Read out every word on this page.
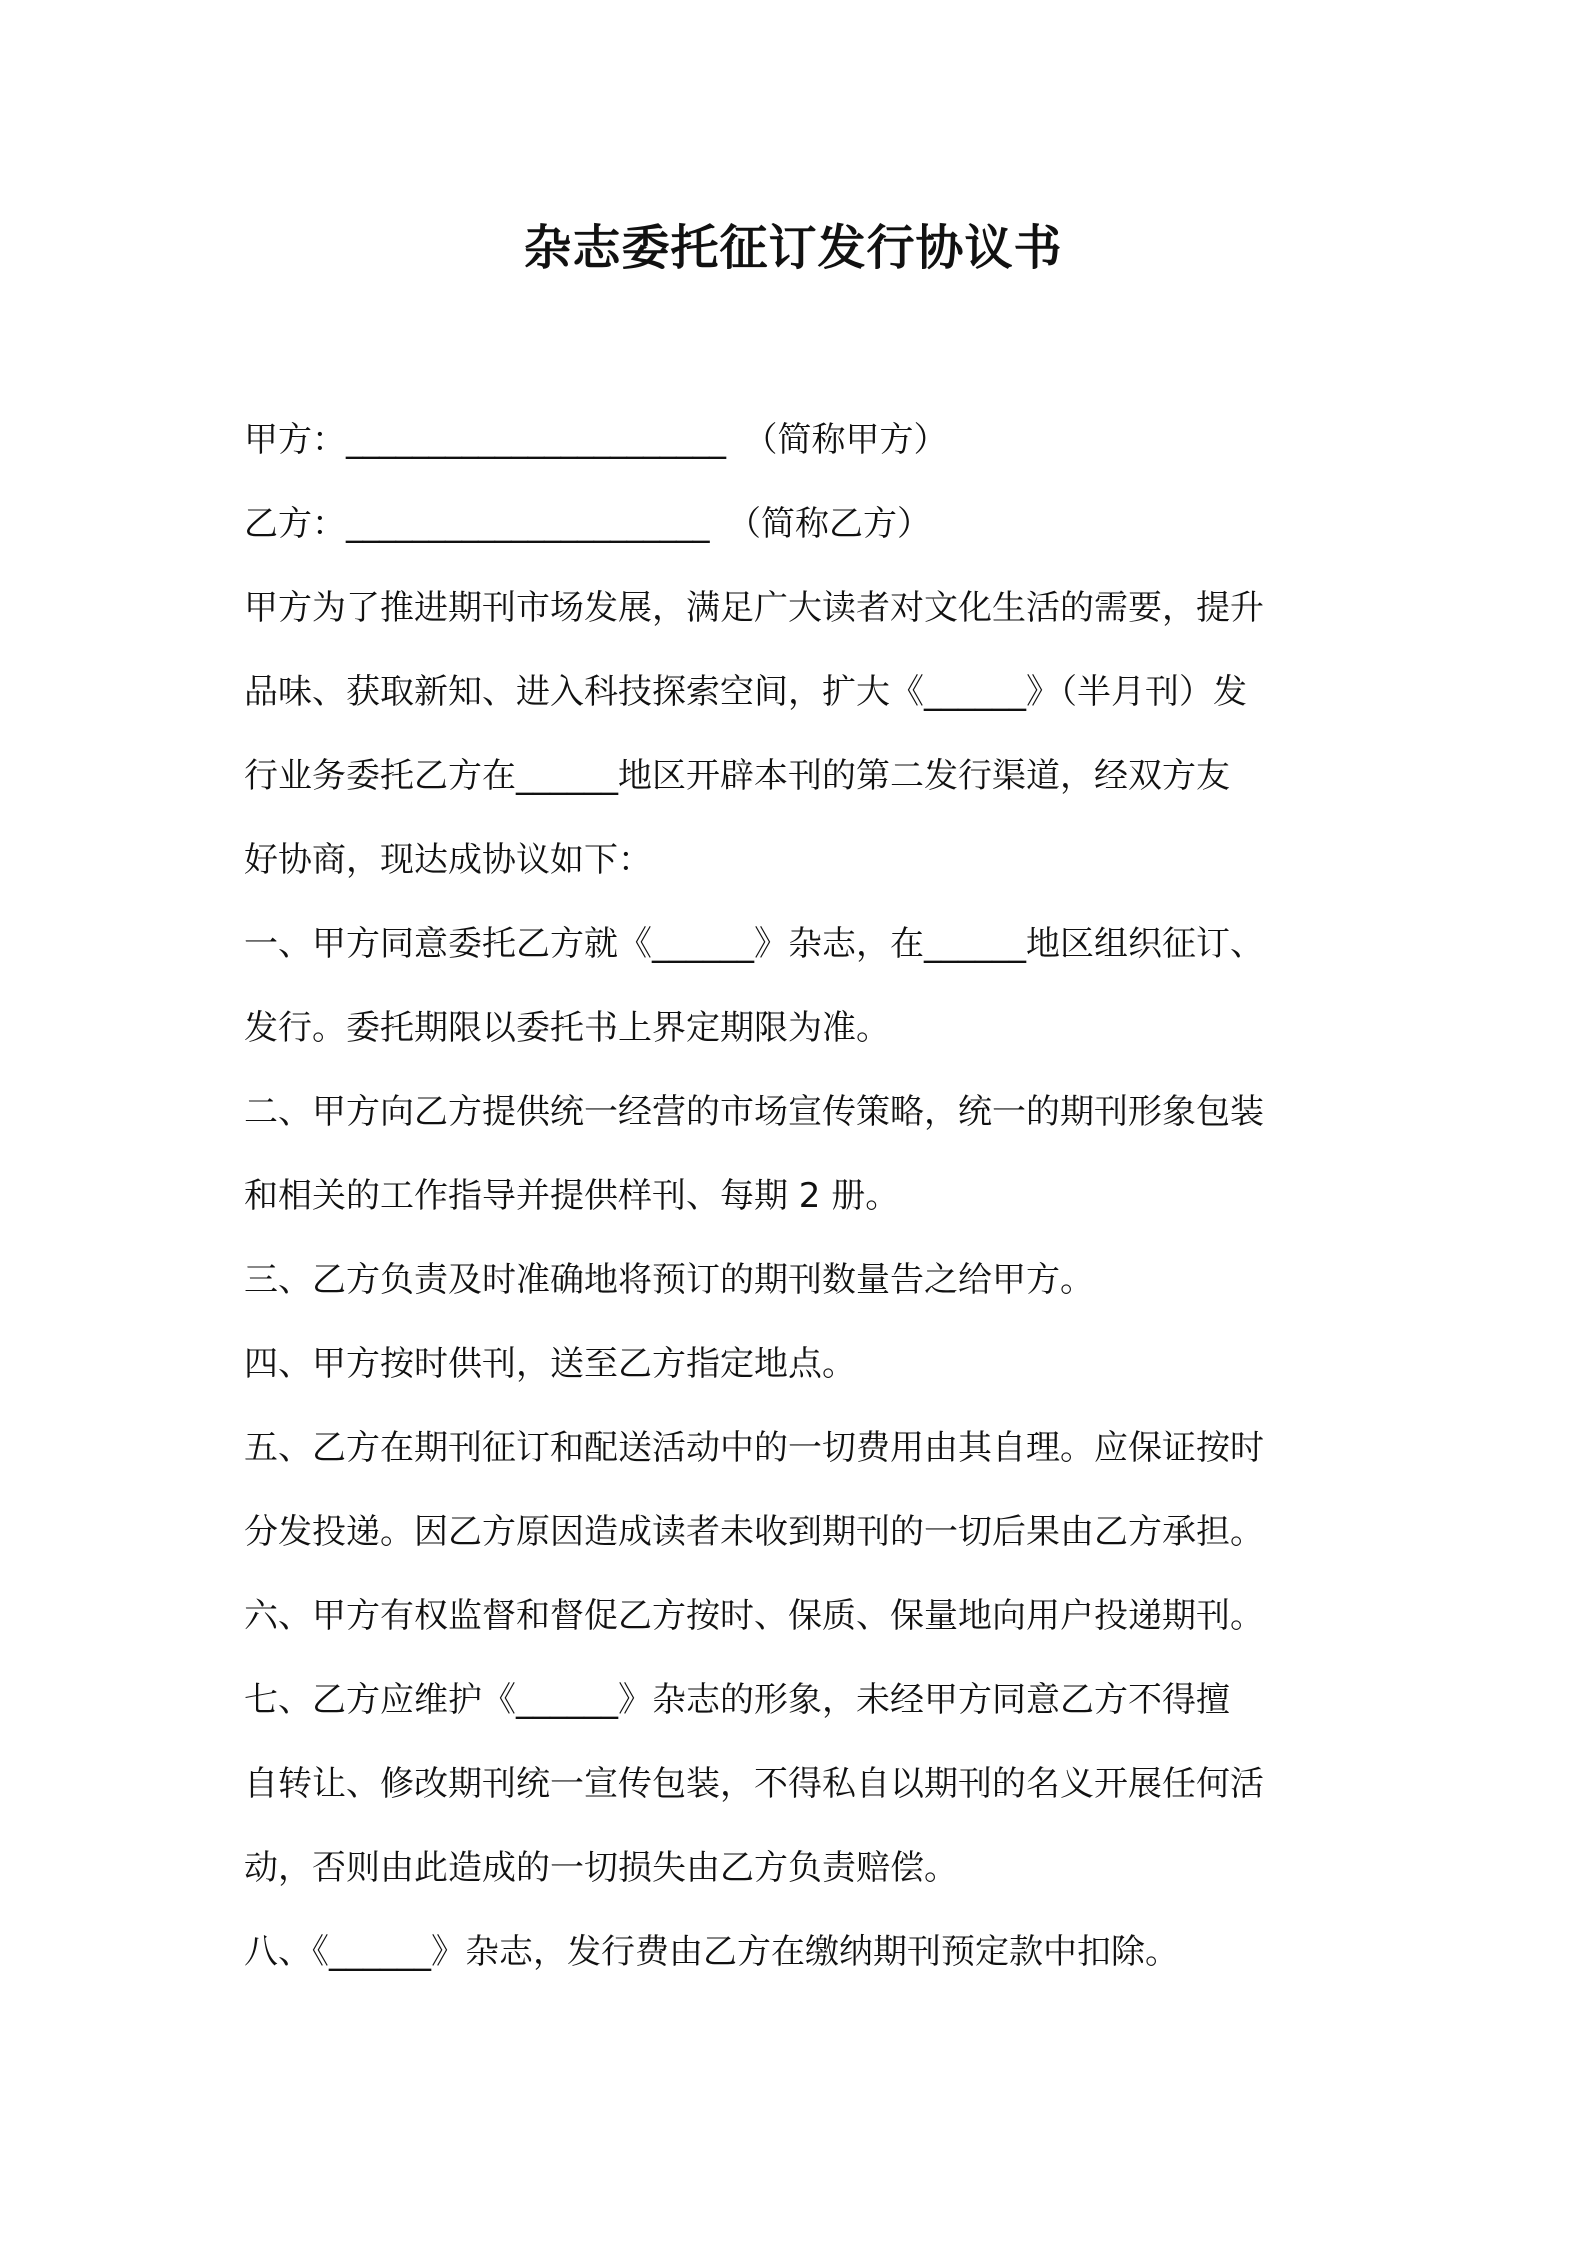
杂志委托征订发行协议书
甲方：_______________________ （简称甲方）
乙方：______________________ （简称乙方）
甲方为了推进期刊市场发展，满足广大读者对文化生活的需要，提升
品味、获取新知、进入科技探索空间，扩大《______》（半月刊）发
行业务委托乙方在______地区开辟本刊的第二发行渠道，经双方友
好协商，现达成协议如下：
一、甲方同意委托乙方就《______》杂志，在______地区组织征订、
发行。委托期限以委托书上界定期限为准。
二、甲方向乙方提供统一经营的市场宣传策略，统一的期刊形象包装
和相关的工作指导并提供样刊、每期 2 册。
三、乙方负责及时准确地将预订的期刊数量告之给甲方。
四、甲方按时供刊，送至乙方指定地点。
五、乙方在期刊征订和配送活动中的一切费用由其自理。应保证按时
分发投递。因乙方原因造成读者未收到期刊的一切后果由乙方承担。
六、甲方有权监督和督促乙方按时、保质、保量地向用户投递期刊。
七、乙方应维护《______》杂志的形象，未经甲方同意乙方不得擅
自转让、修改期刊统一宣传包装，不得私自以期刊的名义开展任何活
动，否则由此造成的一切损失由乙方负责赔偿。
八、《______》杂志，发行费由乙方在缴纳期刊预定款中扣除。
